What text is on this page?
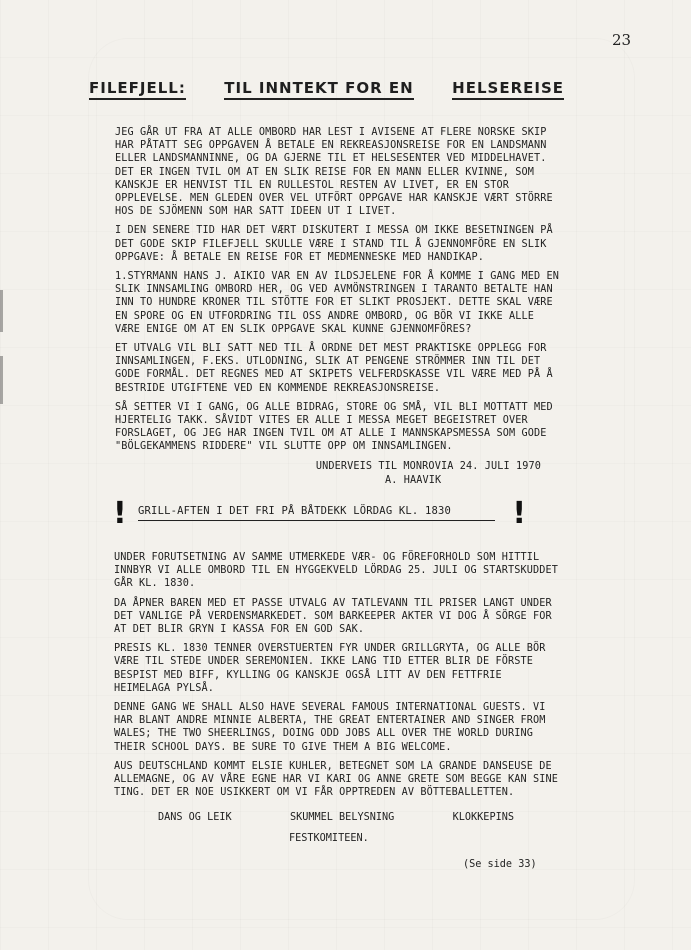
23
FILEFJELL:	TIL INNTEKT FOR EN	HELSEREISE

JEG GÅR UT FRA AT ALLE OMBORD HAR LEST I AVISENE AT FLERE NORSKE SKIP HAR PÅTATT SEG OPPGAVEN Å BETALE EN REKREASJONSREISE FOR EN LANDSMANN ELLER LANDSMANNINNE, OG DA GJERNE TIL ET HELSESENTER VED MIDDELHAVET. DET ER INGEN TVIL OM AT EN SLIK REISE FOR EN MANN ELLER KVINNE, SOM KANSKJE ER HENVIST TIL EN RULLESTOL RESTEN AV LIVET, ER EN STOR OPPLEVELSE. MEN GLEDEN OVER VEL UTFÖRT OPPGAVE HAR KANSKJE VÆRT STÖRRE HOS DE SJÖMENN SOM HAR SATT IDEEN UT I LIVET.

I DEN SENERE TID HAR DET VÆRT DISKUTERT I MESSA OM IKKE BESETNINGEN PÅ DET GODE SKIP FILEFJELL SKULLE VÆRE I STAND TIL Å GJENNOMFÖRE EN SLIK OPPGAVE: Å BETALE EN REISE FOR ET MEDMENNESKE MED HANDIKAP.

1.STYRMANN HANS J. AIKIO VAR EN AV ILDSJELENE FOR Å KOMME I GANG MED EN SLIK INNSAMLING OMBORD HER, OG VED AVMÖNSTRINGEN I TARANTO BETALTE HAN INN TO HUNDRE KRONER TIL STÖTTE FOR ET SLIKT PROSJEKT. DETTE SKAL VÆRE EN SPORE OG EN UTFORDRING TIL OSS ANDRE OMBORD, OG BÖR VI IKKE ALLE VÆRE ENIGE OM AT EN SLIK OPPGAVE SKAL KUNNE GJENNOMFÖRES?

ET UTVALG VIL BLI SATT NED TIL Å ORDNE DET MEST PRAKTISKE OPPLEGG FOR INNSAMLINGEN, F.EKS. UTLODNING, SLIK AT PENGENE STRÖMMER INN TIL DET GODE FORMÅL. DET REGNES MED AT SKIPETS VELFERDSKASSE VIL VÆRE MED PÅ Å BESTRIDE UTGIFTENE VED EN KOMMENDE REKREASJONSREISE.

SÅ SETTER VI I GANG, OG ALLE BIDRAG, STORE OG SMÅ, VIL BLI MOTTATT MED HJERTELIG TAKK. SÅVIDT VITES ER ALLE I MESSA MEGET BEGEISTRET OVER FORSLAGET, OG JEG HAR INGEN TVIL OM AT ALLE I MANNSKAPSMESSA SOM GODE "BÖLGEKAMMENS RIDDERE" VIL SLUTTE OPP OM INNSAMLINGEN.

UNDERVEIS TIL MONROVIA 24. JULI 1970

A. HAAVIK

! GRILL-AFTEN I DET FRI PÅ BÅTDEKK LÖRDAG KL. 1830	!

UNDER FORUTSETNING AV SAMME UTMERKEDE VÆR- OG FÖREFORHOLD SOM HITTIL INNBYR VI ALLE OMBORD TIL EN HYGGEKVELD LÖRDAG 25. JULI OG STARTSKUDDET GÅR KL. 1830.

DA ÅPNER BAREN MED ET PASSE UTVALG AV TATLEVANN TIL PRISER LANGT UNDER DET VANLIGE PÅ VERDENSMARKEDET. SOM BARKEEPER AKTER VI DOG Å SÖRGE FOR AT DET BLIR GRYN I KASSA FOR EN GOD SAK.

PRESIS KL. 1830 TENNER OVERSTUERTEN FYR UNDER GRILLGRYTA, OG ALLE BÖR VÆRE TIL STEDE UNDER SEREMONIEN. IKKE LANG TID ETTER BLIR DE FÖRSTE BESPIST MED BIFF, KYLLING OG KANSKJE OGSÅ LITT AV DEN FETTFRIE HEIMELAGA PYLSÅ.

DENNE GANG WE SHALL ALSO HAVE SEVERAL FAMOUS INTERNATIONAL GUESTS. VI HAR BLANT ANDRE MINNIE ALBERTA, THE GREAT ENTERTAINER AND SINGER FROM WALES; THE TWO SHEERLINGS, DOING ODD JOBS ALL OVER THE WORLD DURING THEIR SCHOOL DAYS. BE SURE TO GIVE THEM A BIG WELCOME.

AUS DEUTSCHLAND KOMMT ELSIE KUHLER, BETEGNET SOM LA GRANDE DANSEUSE DE ALLEMAGNE, OG AV VÅRE EGNE HAR VI KARI OG ANNE GRETE SOM BEGGE KAN SINE TING. DET ER NOE USIKKERT OM VI FÅR OPPTREDEN AV BÖTTEBALLETTEN.

DANS OG LEIK	SKUMMEL BELYSNING	KLOKKEPINS
FESTKOMITEEN.
(Se side 33)
